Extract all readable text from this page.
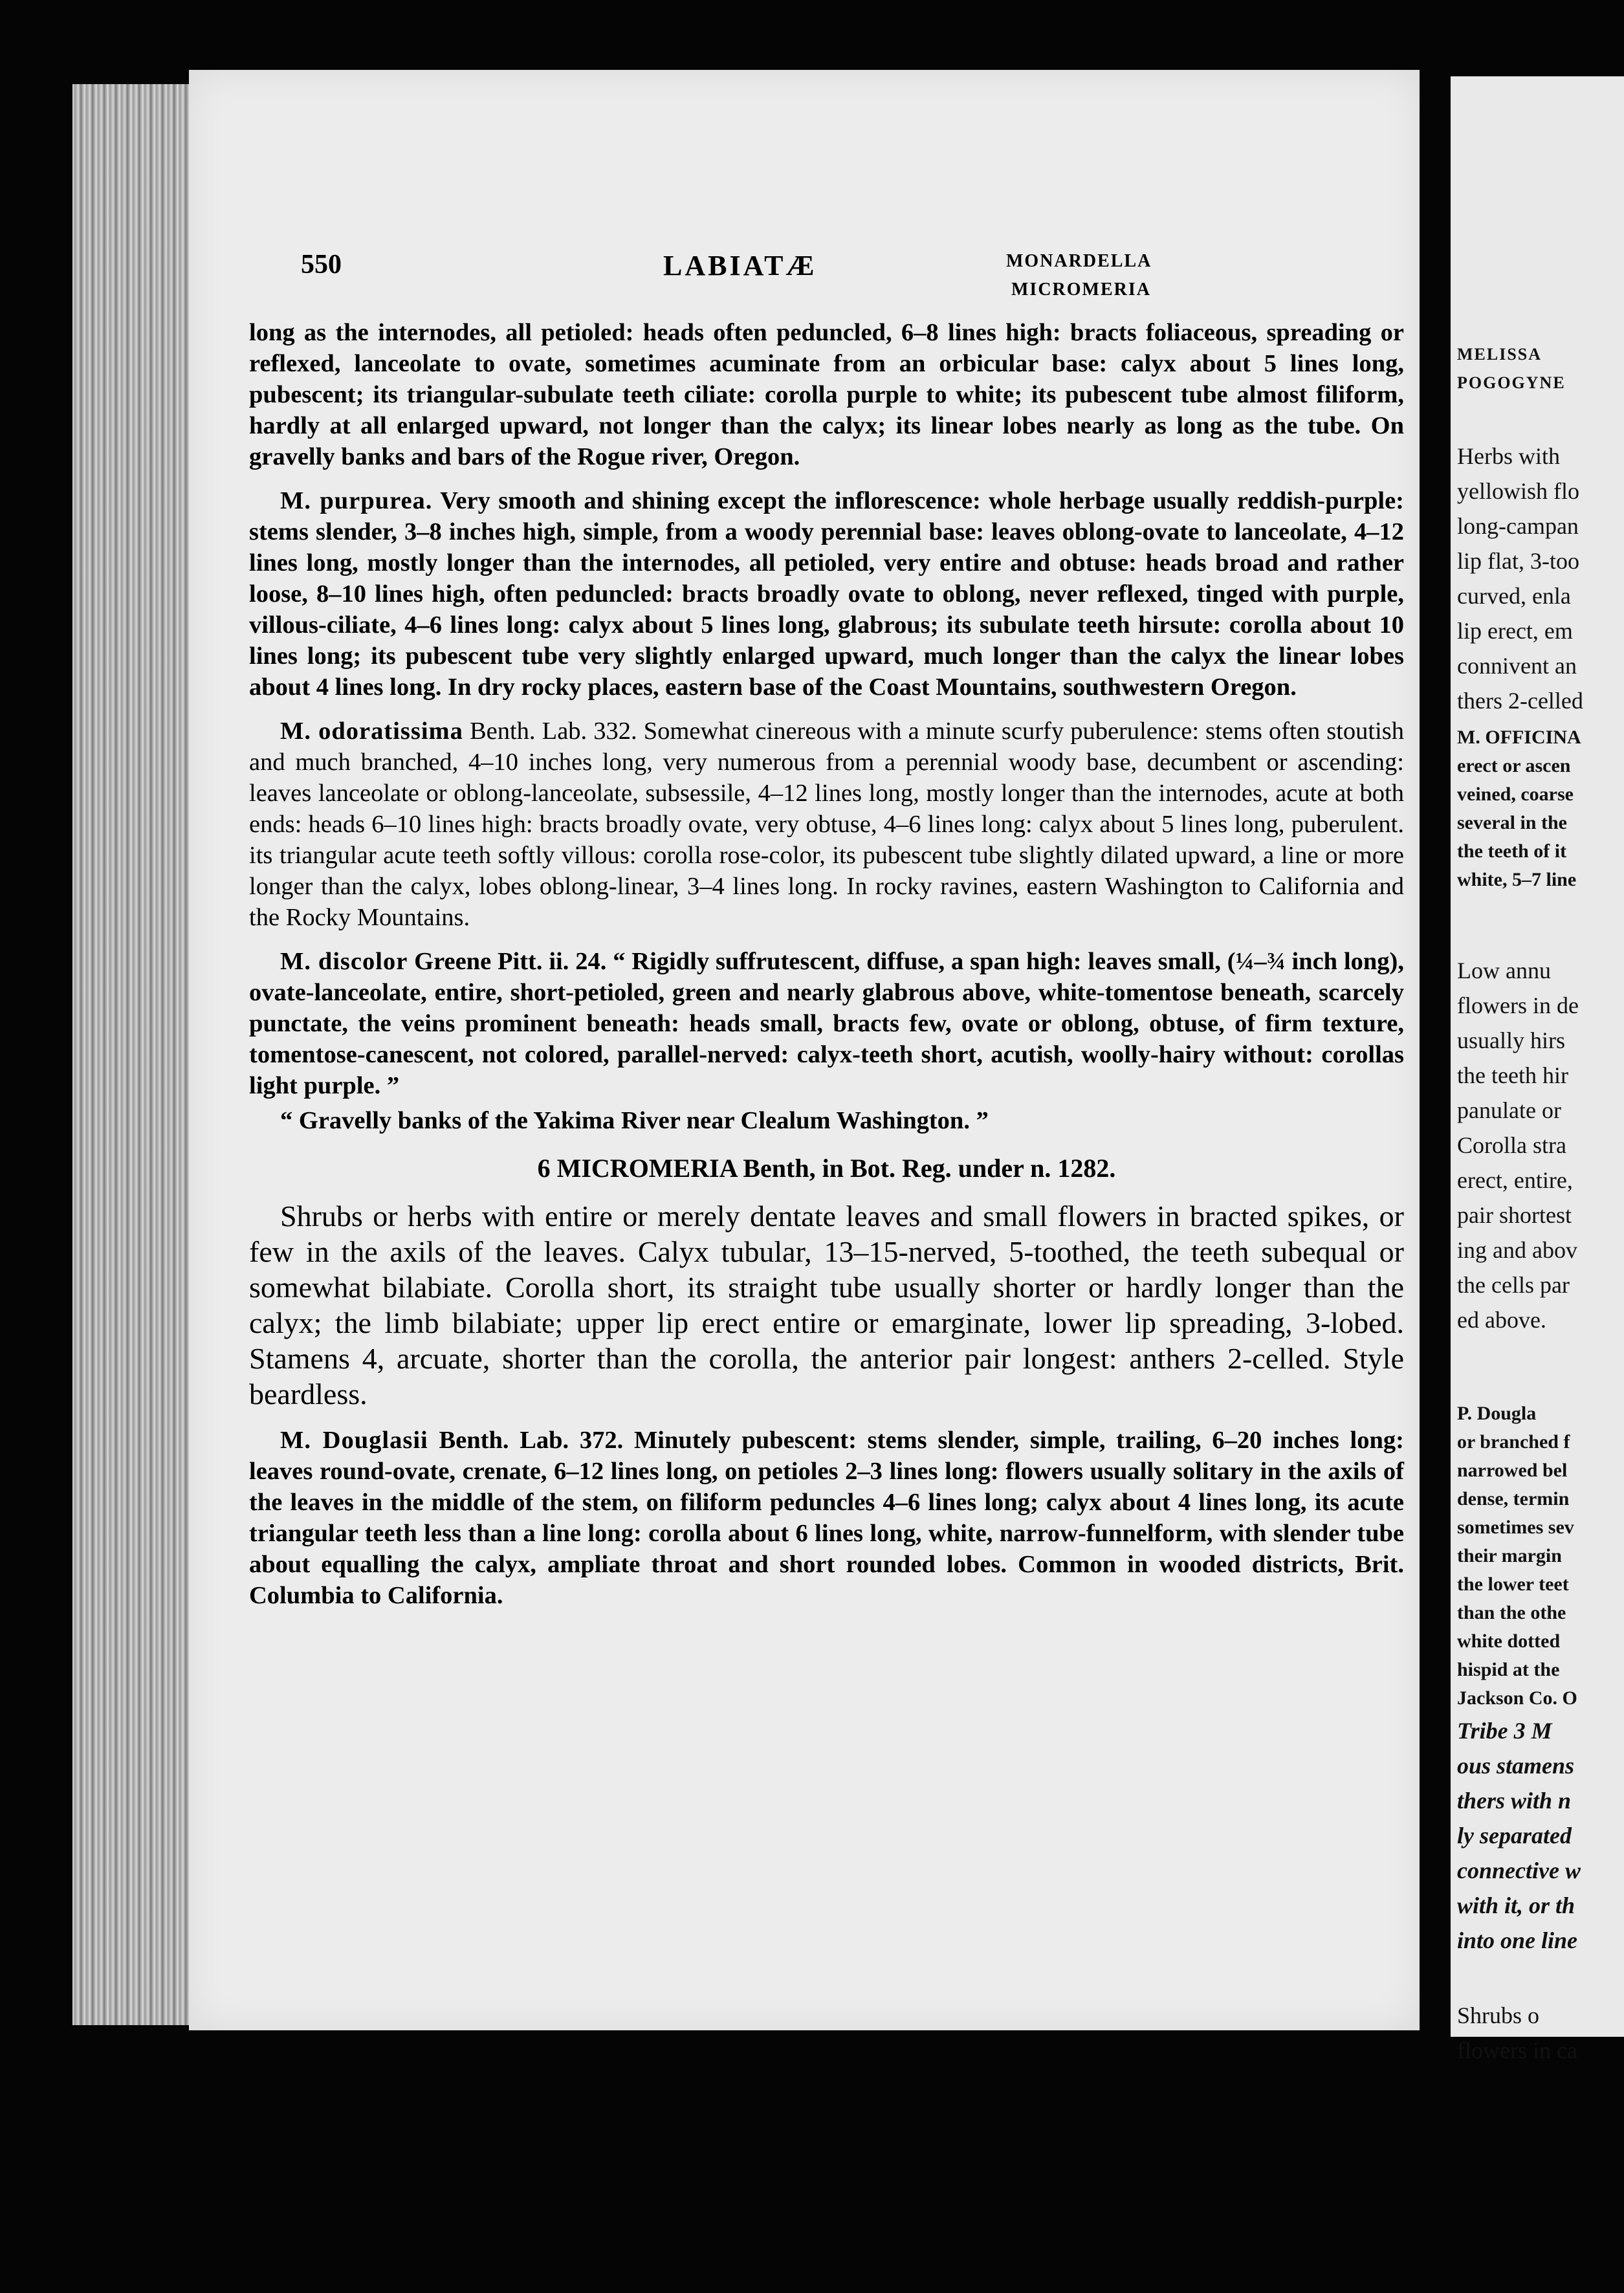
550	LABIATÆ	MONARDELLA
MICROMERIA

long as the internodes, all petioled: heads often peduncled, 6–8 lines high: bracts foliaceous, spreading or reflexed, lanceolate to ovate, sometimes acuminate from an orbicular base: calyx about 5 lines long, pubescent; its triangular-subulate teeth ciliate: corolla purple to white; its pubescent tube almost filiform, hardly at all enlarged upward, not longer than the calyx; its linear lobes nearly as long as the tube. On gravelly banks and bars of the Rogue river, Oregon.

M. purpurea. Very smooth and shining except the inflorescence: whole herbage usually reddish-purple: stems slender, 3–8 inches high, simple, from a woody perennial base: leaves oblong-ovate to lanceolate, 4–12 lines long, mostly longer than the internodes, all petioled, very entire and obtuse: heads broad and rather loose, 8–10 lines high, often peduncled: bracts broadly ovate to oblong, never reflexed, tinged with purple, villous-ciliate, 4–6 lines long: calyx about 5 lines long, glabrous; its subulate teeth hirsute: corolla about 10 lines long; its pubescent tube very slightly enlarged upward, much longer than the calyx the linear lobes about 4 lines long. In dry rocky places, eastern base of the Coast Mountains, southwestern Oregon.

M. odoratissima Benth. Lab. 332. Somewhat cinereous with a minute scurfy puberulence: stems often stoutish and much branched, 4–10 inches long, very numerous from a perennial woody base, decumbent or ascending: leaves lanceolate or oblong-lanceolate, subsessile, 4–12 lines long, mostly longer than the internodes, acute at both ends: heads 6–10 lines high: bracts broadly ovate, very obtuse, 4–6 lines long: calyx about 5 lines long, puberulent. its triangular acute teeth softly villous: corolla rose-color, its pubescent tube slightly dilated upward, a line or more longer than the calyx, lobes oblong-linear, 3–4 lines long. In rocky ravines, eastern Washington to California and the Rocky Mountains.

M. discolor Greene Pitt. ii. 24. “ Rigidly suffrutescent, diffuse, a span high: leaves small, (¼–¾ inch long), ovate-lanceolate, entire, short-petioled, green and nearly glabrous above, white-tomentose beneath, scarcely punctate, the veins prominent beneath: heads small, bracts few, ovate or oblong, obtuse, of firm texture, tomentose-canescent, not colored, parallel-nerved: calyx-teeth short, acutish, woolly-hairy without: corollas light purple. ”

“ Gravelly banks of the Yakima River near Clealum Washington. ”

6 MICROMERIA Benth, in Bot. Reg. under n. 1282.

Shrubs or herbs with entire or merely dentate leaves and small flowers in bracted spikes, or few in the axils of the leaves. Calyx tubular, 13–15-nerved, 5-toothed, the teeth subequal or somewhat bilabiate. Corolla short, its straight tube usually shorter or hardly longer than the calyx; the limb bilabiate; upper lip erect entire or emarginate, lower lip spreading, 3-lobed. Stamens 4, arcuate, shorter than the corolla, the anterior pair longest: anthers 2-celled. Style beardless.

M. Douglasii Benth. Lab. 372. Minutely pubescent: stems slender, simple, trailing, 6–20 inches long: leaves round-ovate, crenate, 6–12 lines long, on petioles 2–3 lines long: flowers usually solitary in the axils of the leaves in the middle of the stem, on filiform peduncles 4–6 lines long; calyx about 4 lines long, its acute triangular teeth less than a line long: corolla about 6 lines long, white, narrow-funnelform, with slender tube about equalling the calyx, ampliate throat and short rounded lobes. Common in wooded districts, Brit. Columbia to California.

MELISSA
POGOGYNE
Herbs with
yellowish flo
long-campan
lip flat, 3-too
curved, enla
lip erect, em
connivent an
thers 2-celled
M. OFFICINA
erect or ascen
veined, coarse
several in the
the teeth of it
white, 5–7 line
Low annu
flowers in de
usually hirs
the teeth hir
panulate or
Corolla stra
erect, entire,
pair shortest
ing and abov
the cells par
ed above.
P. Dougla
or branched f
narrowed bel
dense, termin
sometimes sev
their margin
the lower teet
than the othe
white dotted
hispid at the
Jackson Co. O
Tribe 3 M
ous stamens
thers with n
ly separated
connective w
with it, or th
into one line
Shrubs o
flowers in ca
